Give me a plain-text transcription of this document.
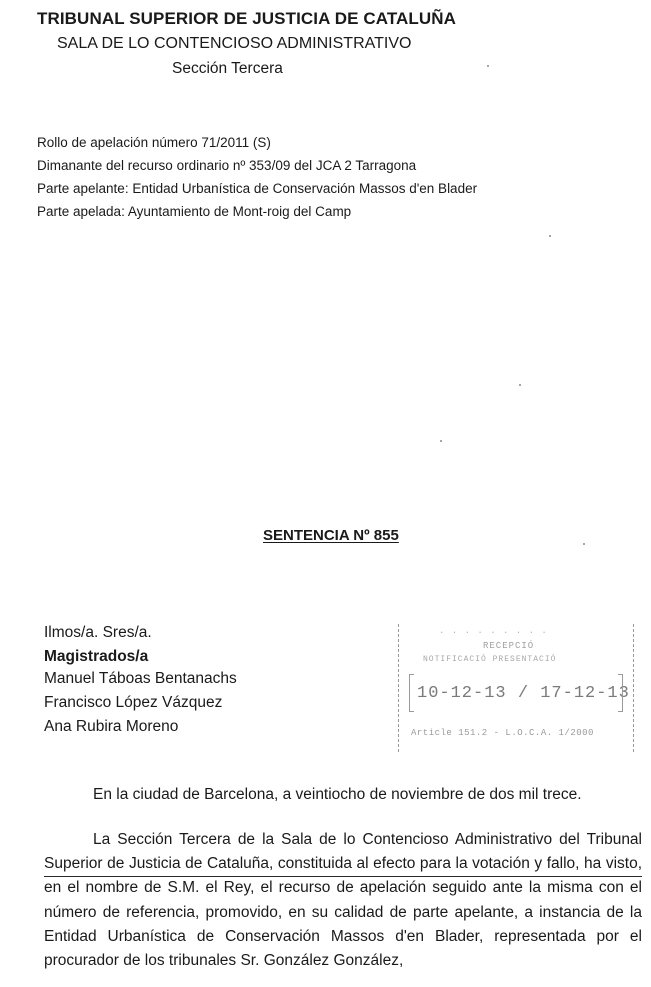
TRIBUNAL SUPERIOR DE JUSTICIA DE CATALUÑA
SALA DE LO CONTENCIOSO ADMINISTRATIVO
Sección Tercera
Rollo de apelación número 71/2011 (S)
Dimanante del recurso ordinario nº 353/09 del JCA 2 Tarragona
Parte apelante: Entidad Urbanística de Conservación Massos d'en Blader
Parte apelada: Ayuntamiento de Mont-roig del Camp
SENTENCIA Nº 855
Ilmos/a. Sres/a.
Magistrados/a
Manuel Táboas Bentanachs
Francisco López Vázquez
Ana Rubira Moreno
· · · · · · · · ·
RECEPCIÓ
NOTIFICACIÓ PRESENTACIÓ
10-12-13 / 17-12-13
Article 151.2 - L.O.C.A. 1/2000
En la ciudad de Barcelona, a veintiocho de noviembre de dos mil trece.
La Sección Tercera de la Sala de lo Contencioso Administrativo del Tribunal Superior de Justicia de Cataluña, constituida al efecto para la votación y fallo, ha visto, en el nombre de S.M. el Rey, el recurso de apelación seguido ante la misma con el número de referencia, promovido, en su calidad de parte apelante, a instancia de la Entidad Urbanística de Conservación Massos d'en Blader, representada por el procurador de los tribunales Sr. González González,
